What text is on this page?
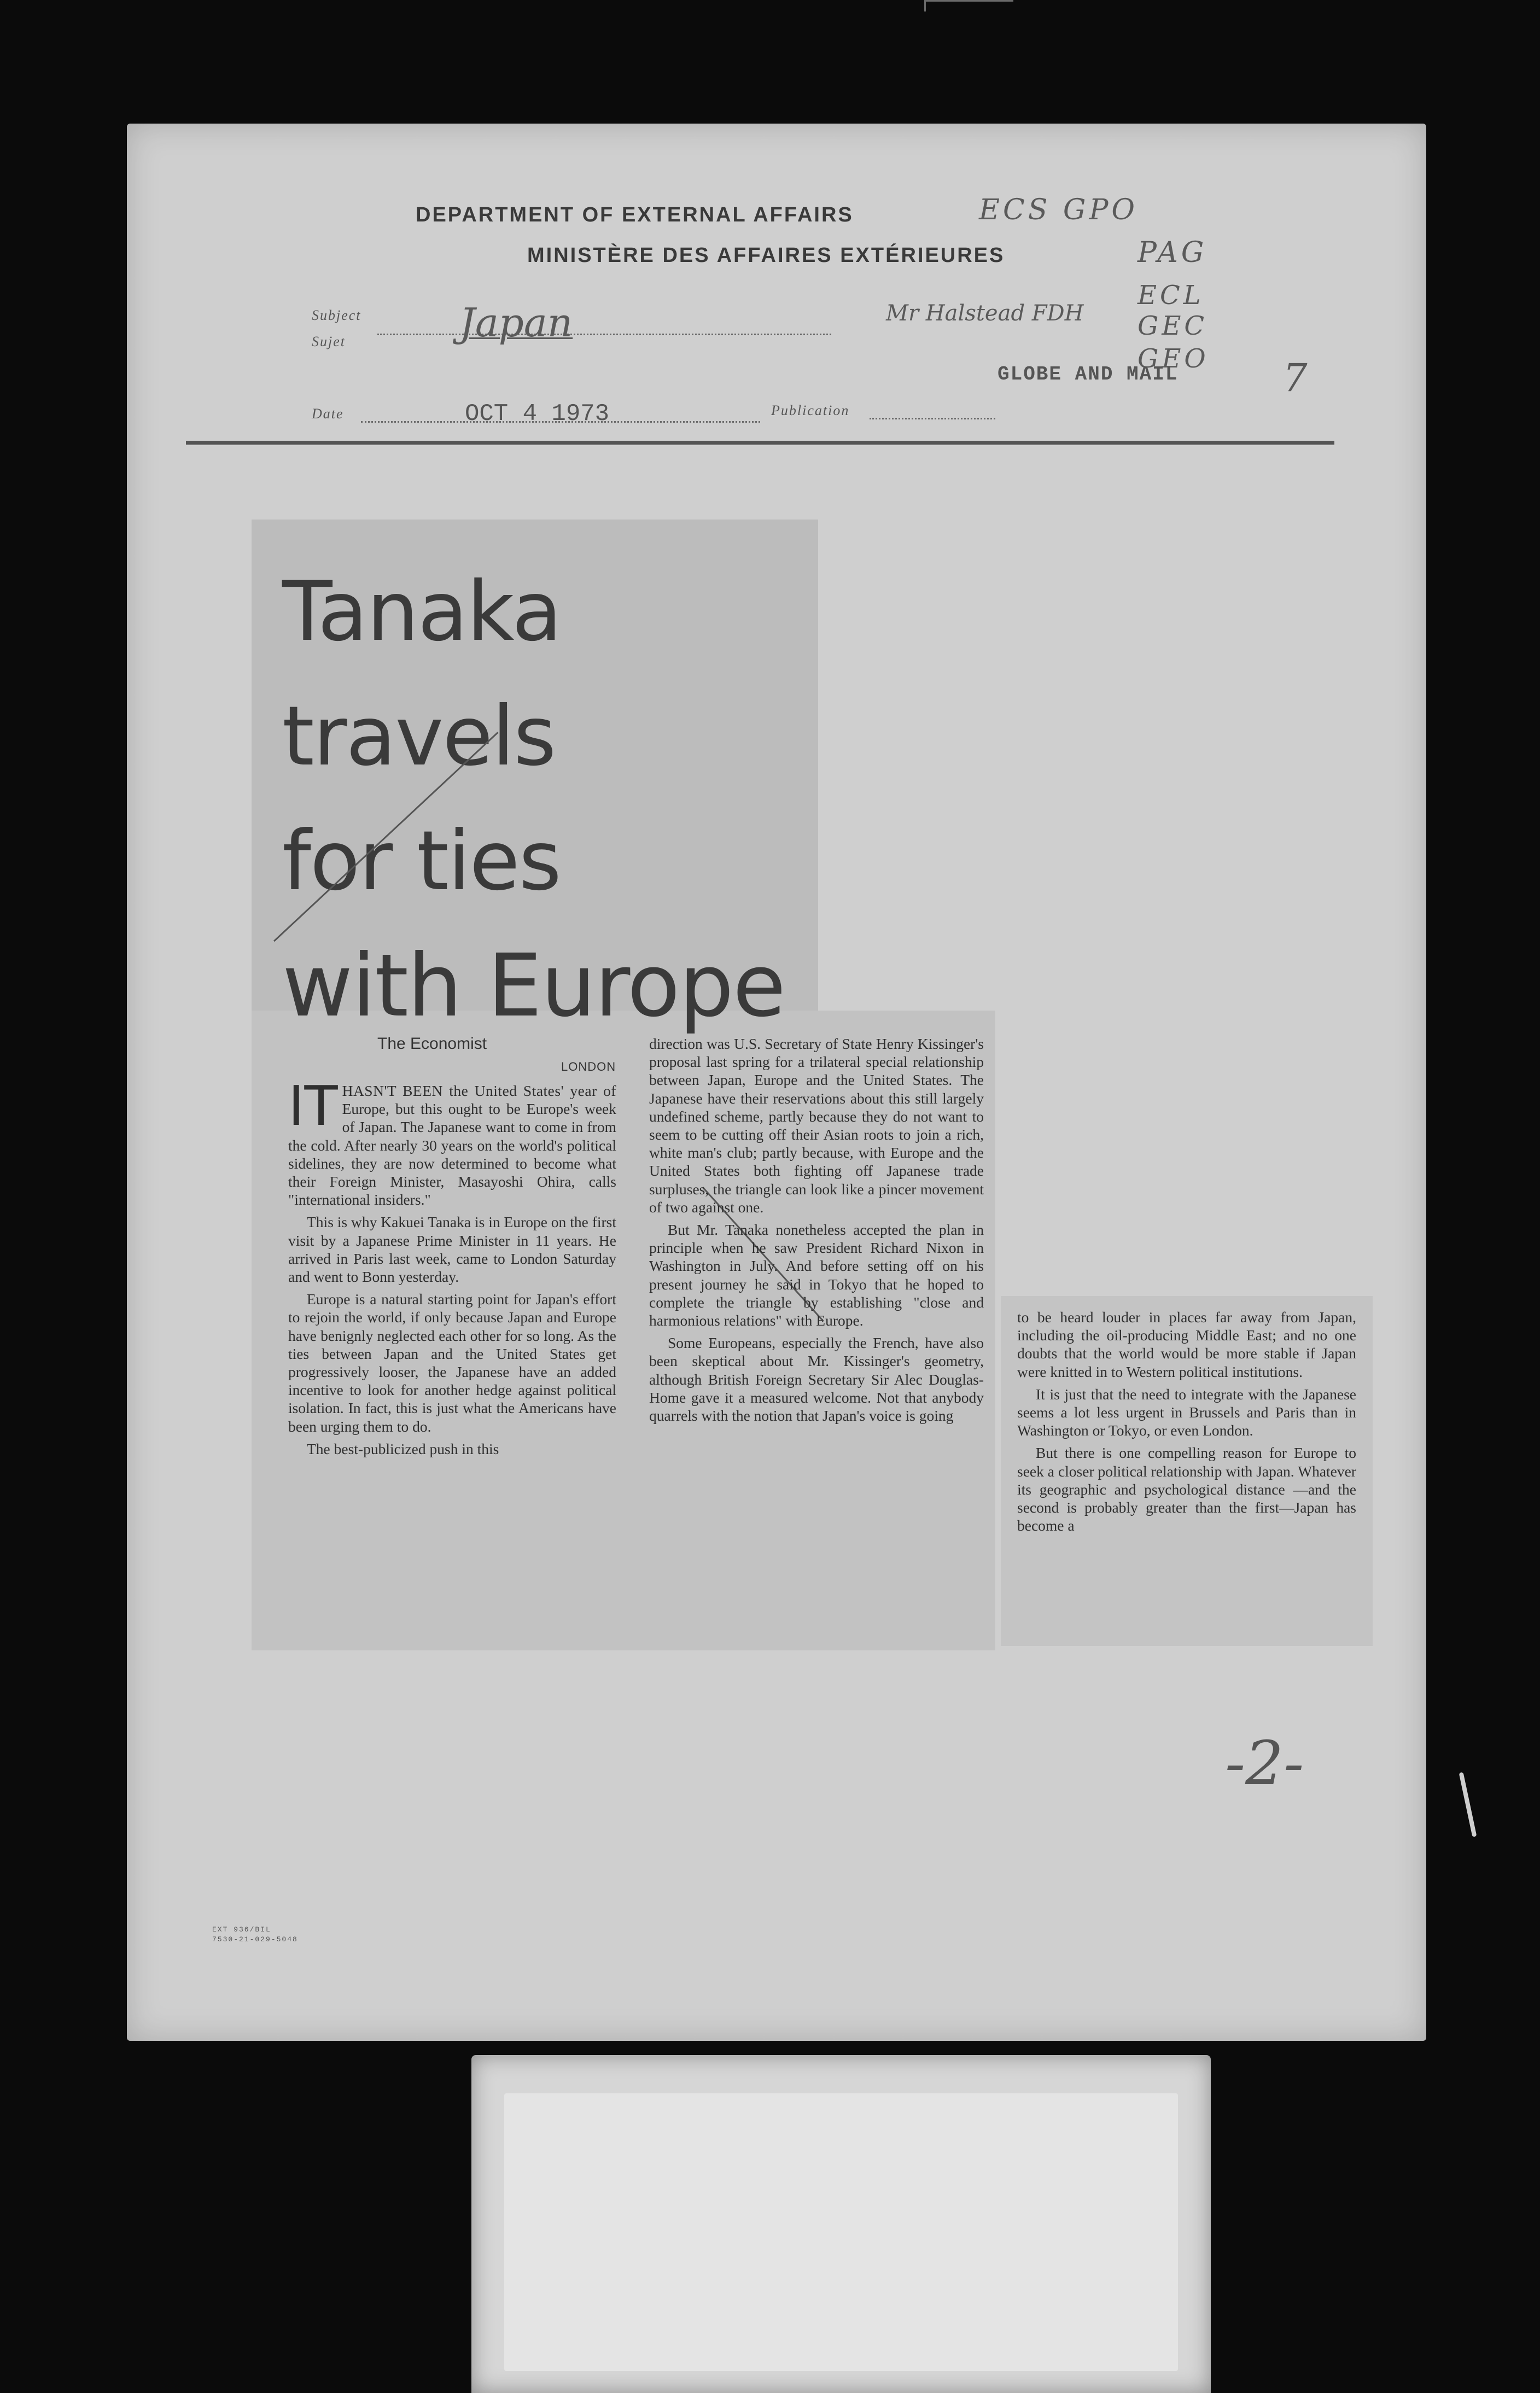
DEPARTMENT OF EXTERNAL AFFAIRS
MINISTÈRE DES AFFAIRES EXTÉRIEURES
Subject
Sujet	Japan	Mr Halstead FDH
ECS GPO
PAG
ECL
GEC
GEO
GLOBE AND MAIL	7
Date	OCT 4 1973	Publication
Tanaka
travels
for ties
with Europe
The Economist
LONDON

IT HASN'T BEEN the United States' year of Europe, but this ought to be Europe's week of Japan. The Japanese want to come in from the cold. After nearly 30 years on the world's political sidelines, they are now determined to become what their Foreign Minister, Masayoshi Ohira, calls "international insiders."

This is why Kakuei Tanaka is in Europe on the first visit by a Japanese Prime Minister in 11 years. He arrived in Paris last week, came to London Saturday and went to Bonn yesterday.

Europe is a natural starting point for Japan's effort to rejoin the world, if only because Japan and Europe have benignly neglected each other for so long. As the ties between Japan and the United States get progressively looser, the Japanese have an added incentive to look for another hedge against political isolation. In fact, this is just what the Americans have been urging them to do.

The best-publicized push in this

direction was U.S. Secretary of State Henry Kissinger's proposal last spring for a trilateral special relationship between Japan, Europe and the United States. The Japanese have their reservations about this still largely undefined scheme, partly because they do not want to seem to be cutting off their Asian roots to join a rich, white man's club; partly because, with Europe and the United States both fighting off Japanese trade surpluses, the triangle can look like a pincer movement of two against one.

But Mr. Tanaka nonetheless accepted the plan in principle when he saw President Richard Nixon in Washington in July. And before setting off on his present journey he said in Tokyo that he hoped to complete the triangle by establishing "close and harmonious relations" with Europe.

Some Europeans, especially the French, have also been skeptical about Mr. Kissinger's geometry, although British Foreign Secretary Sir Alec Douglas-Home gave it a measured welcome. Not that anybody quarrels with the notion that Japan's voice is going

to be heard louder in places far away from Japan, including the oil-producing Middle East; and no one doubts that the world would be more stable if Japan were knitted in to Western political institutions.

It is just that the need to integrate with the Japanese seems a lot less urgent in Brussels and Paris than in Washington or Tokyo, or even London.

But there is one compelling reason for Europe to seek a closer political relationship with Japan. Whatever its geographic and psychological distance —and the second is probably greater than the first—Japan has become a

-2-
EXT 936/BIL
7530-21-029-5048
